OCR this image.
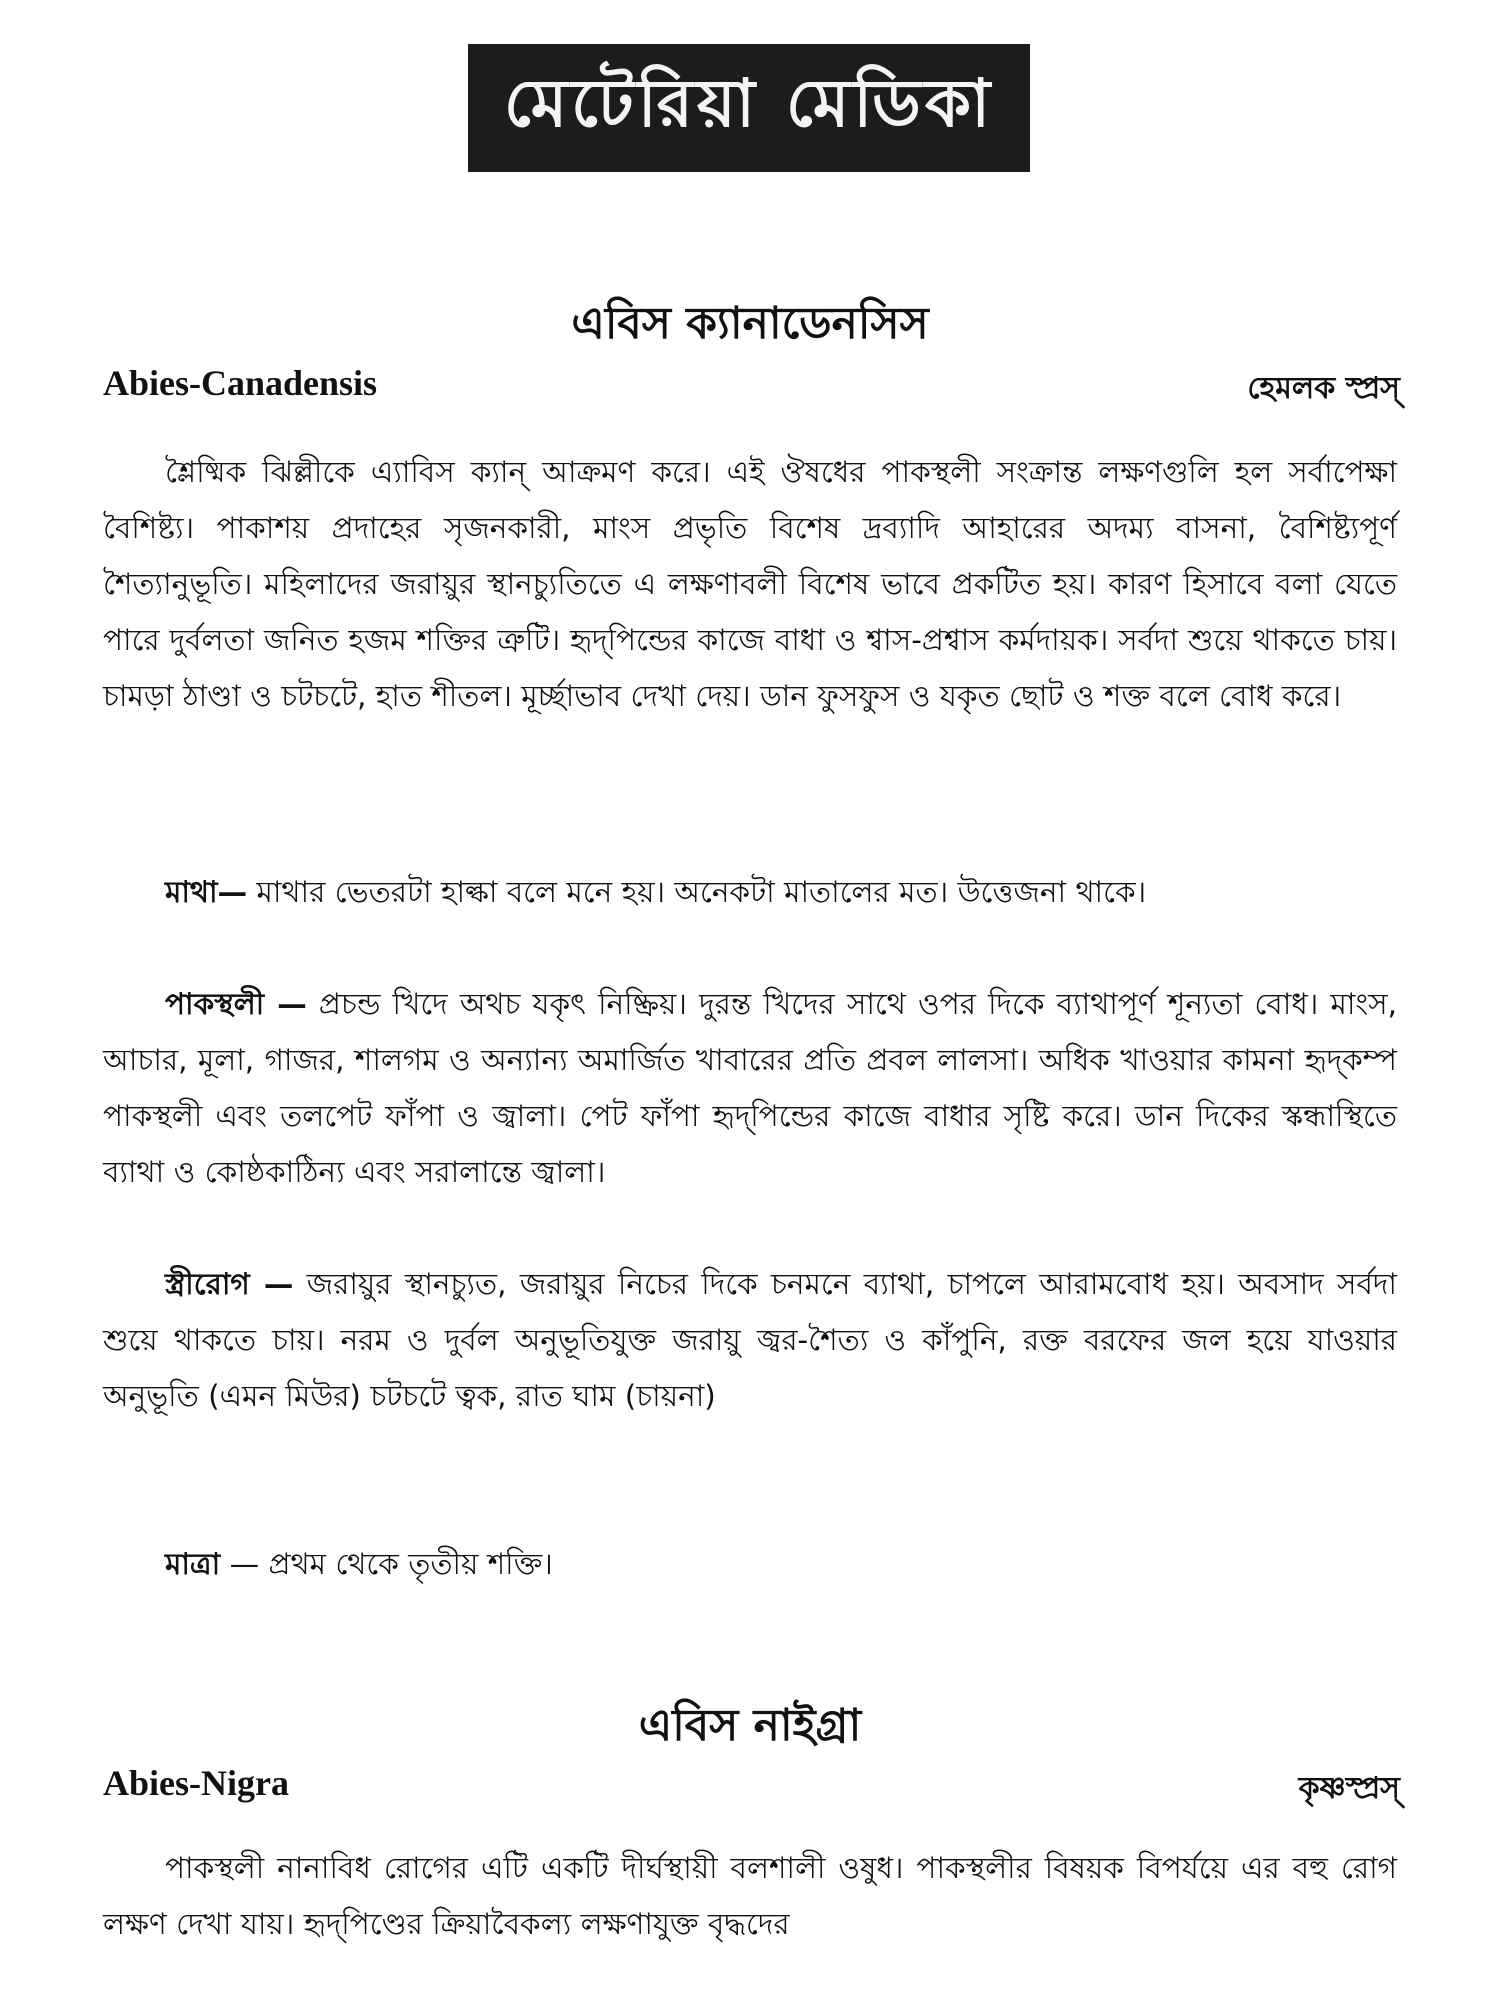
মেটেরিয়া মেডিকা
এবিস ক্যানাডেনসিস
Abies-Canadensis	হেমলক স্প্রস্

শ্লৈষ্মিক ঝিল্লীকে এ্যাবিস ক্যান্ আক্রমণ করে। এই ঔষধের পাকস্থলী সংক্রান্ত লক্ষণগুলি হল সর্বাপেক্ষা বৈশিষ্ট্য। পাকাশয় প্রদাহের সৃজনকারী, মাংস প্রভৃতি বিশেষ দ্রব্যাদি আহারের অদম্য বাসনা, বৈশিষ্ট্যপূর্ণ শৈত্যানুভূতি। মহিলাদের জরায়ুর স্থানচ্যুতিতে এ লক্ষণাবলী বিশেষ ভাবে প্রকটিত হয়। কারণ হিসাবে বলা যেতে পারে দুর্বলতা জনিত হজম শক্তির ত্রুটি। হৃদ্‌পিন্ডের কাজে বাধা ও শ্বাস-প্রশ্বাস কর্মদায়ক। সর্বদা শুয়ে থাকতে চায়। চামড়া ঠাণ্ডা ও চটচটে, হাত শীতল। মূর্চ্ছাভাব দেখা দেয়। ডান ফুসফুস ও যকৃত ছোট ও শক্ত বলে বোধ করে।

মাথা— মাথার ভেতরটা হাল্কা বলে মনে হয়। অনেকটা মাতালের মত। উত্তেজনা থাকে।

পাকস্থলী — প্রচন্ড খিদে অথচ যকৃৎ নিষ্ক্রিয়। দুরন্ত খিদের সাথে ওপর দিকে ব্যাথাপূর্ণ শূন্যতা বোধ। মাংস, আচার, মূলা, গাজর, শালগম ও অন্যান্য অমার্জিত খাবারের প্রতি প্রবল লালসা। অধিক খাওয়ার কামনা হৃদ্‌কম্প পাকস্থলী এবং তলপেট ফাঁপা ও জ্বালা। পেট ফাঁপা হৃদ্‌পিন্ডের কাজে বাধার সৃষ্টি করে। ডান দিকের স্কন্ধাস্থিতে ব্যাথা ও কোষ্ঠকাঠিন্য এবং সরালান্তে জ্বালা।

স্ত্রীরোগ — জরায়ুর স্থানচ্যুত, জরায়ুর নিচের দিকে চনমনে ব্যাথা, চাপলে আরামবোধ হয়। অবসাদ সর্বদা শুয়ে থাকতে চায়। নরম ও দুর্বল অনুভূতিযুক্ত জরায়ু জ্বর-শৈত্য ও কাঁপুনি, রক্ত বরফের জল হয়ে যাওয়ার অনুভূতি (এমন মিউর) চটচটে ত্বক, রাত ঘাম (চায়না)

মাত্রা — প্রথম থেকে তৃতীয় শক্তি।

এবিস নাইগ্রা
Abies-Nigra	কৃষ্ণস্প্রস্

পাকস্থলী নানাবিধ রোগের এটি একটি দীর্ঘস্থায়ী বলশালী ওষুধ। পাকস্থলীর বিষয়ক বিপর্যয়ে এর বহু রোগ লক্ষণ দেখা যায়। হৃদ্‌পিণ্ডের ক্রিয়াবৈকল্য লক্ষণাযুক্ত বৃদ্ধদের
